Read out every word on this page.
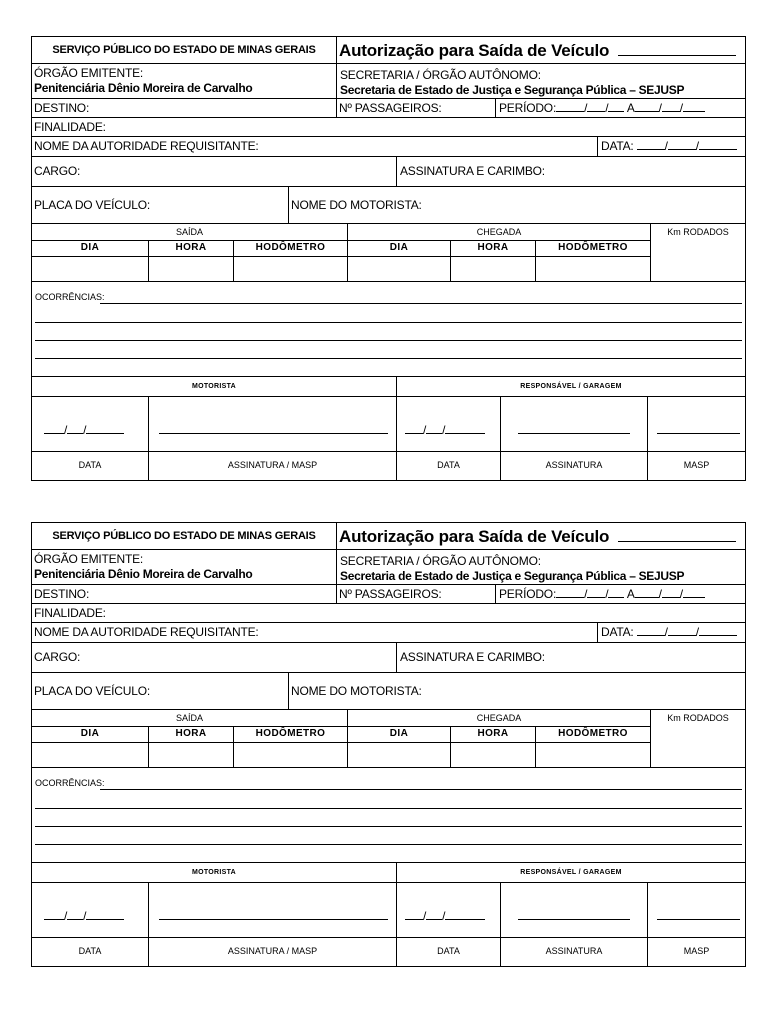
SERVIÇO PÚBLICO DO ESTADO DE MINAS GERAIS	Autorização para Saída de Veículo
ÓRGÃO EMITENTE:
Penitenciária Dênio Moreira de Carvalho
SECRETARIA / ÓRGÃO AUTÔNOMO:
Secretaria de Estado de Justiça e Segurança Pública – SEJUSP
DESTINO:	Nº PASSAGEIROS:	PERÍODO: / / A / /
FINALIDADE:
NOME DA AUTORIDADE REQUISITANTE:	DATA:	/ /
CARGO:	ASSINATURA E CARIMBO:
PLACA DO VEÍCULO:	NOME DO MOTORISTA:
SAÍDA	CHEGADA	Km RODADOS
DIA	HORA	HODÔMETRO	DIA	HORA	HODÔMETRO
OCORRÊNCIAS:
MOTORISTA	RESPONSÁVEL / GARAGEM
/ /	/ /
DATA	ASSINATURA / MASP	DATA	ASSINATURA	MASP
SERVIÇO PÚBLICO DO ESTADO DE MINAS GERAIS	Autorização para Saída de Veículo
ÓRGÃO EMITENTE:
Penitenciária Dênio Moreira de Carvalho
SECRETARIA / ÓRGÃO AUTÔNOMO:
Secretaria de Estado de Justiça e Segurança Pública – SEJUSP
DESTINO:	Nº PASSAGEIROS:	PERÍODO: / / A / /
FINALIDADE:
NOME DA AUTORIDADE REQUISITANTE:	DATA:	/ /
CARGO:	ASSINATURA E CARIMBO:
PLACA DO VEÍCULO:	NOME DO MOTORISTA:
SAÍDA	CHEGADA	Km RODADOS
DIA	HORA	HODÔMETRO	DIA	HORA	HODÔMETRO
OCORRÊNCIAS:
MOTORISTA	RESPONSÁVEL / GARAGEM
/ /	/ /
DATA	ASSINATURA / MASP	DATA	ASSINATURA	MASP
